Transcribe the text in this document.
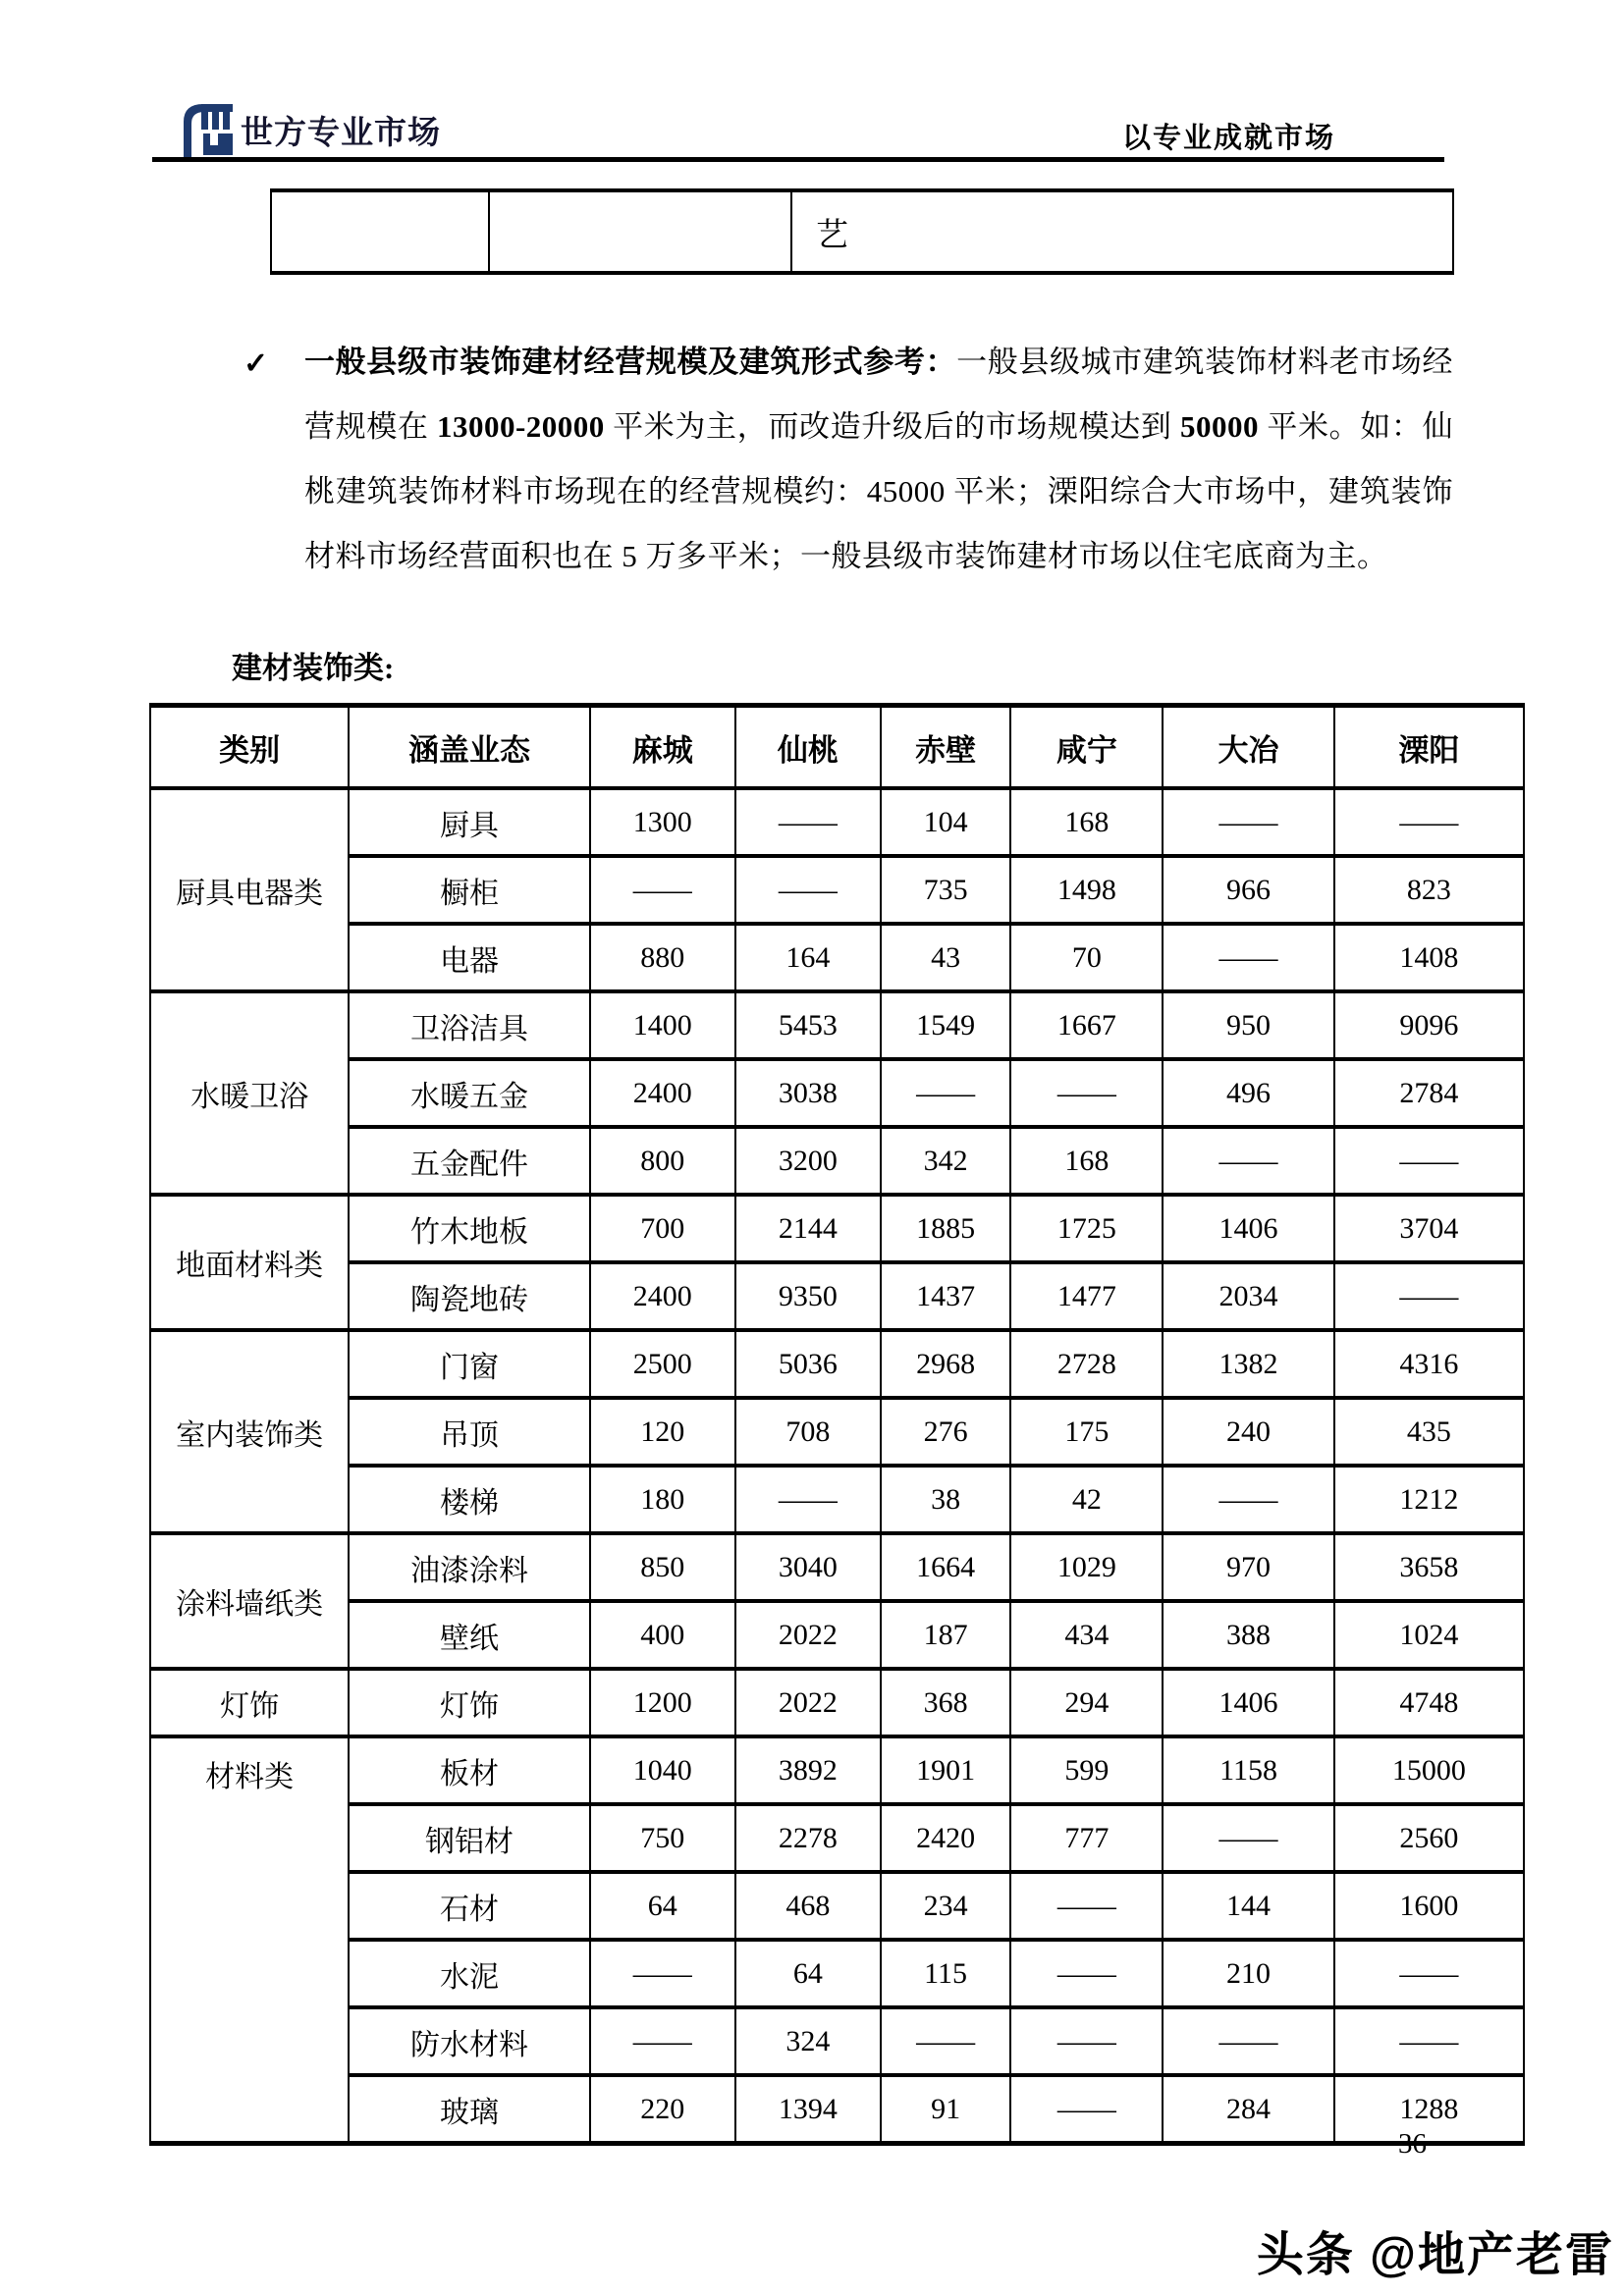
世方专业市场	以专业成就市场
		艺
✓ 一般县级市装饰建材经营规模及建筑形式参考：一般县级城市建筑装饰材料老市场经营规模在 13000-20000 平米为主，而改造升级后的市场规模达到 50000 平米。如：仙桃建筑装饰材料市场现在的经营规模约：45000 平米；溧阳综合大市场中，建筑装饰材料市场经营面积也在 5 万多平米；一般县级市装饰建材市场以住宅底商为主。
建材装饰类:
类别	涵盖业态	麻城	仙桃	赤壁	咸宁	大冶	溧阳
厨具电器类	厨具	1300	——	104	168	——	——
	橱柜	——	——	735	1498	966	823
	电器	880	164	43	70	——	1408
水暖卫浴	卫浴洁具	1400	5453	1549	1667	950	9096
	水暖五金	2400	3038	——	——	496	2784
	五金配件	800	3200	342	168	——	——
地面材料类	竹木地板	700	2144	1885	1725	1406	3704
	陶瓷地砖	2400	9350	1437	1477	2034	——
室内装饰类	门窗	2500	5036	2968	2728	1382	4316
	吊顶	120	708	276	175	240	435
	楼梯	180	——	38	42	——	1212
涂料墙纸类	油漆涂料	850	3040	1664	1029	970	3658
	壁纸	400	2022	187	434	388	1024
灯饰	灯饰	1200	2022	368	294	1406	4748
材料类	板材	1040	3892	1901	599	1158	15000
	钢铝材	750	2278	2420	777	——	2560
	石材	64	468	234	——	144	1600
	水泥	——	64	115	——	210	——
	防水材料	——	324	——	——	——	——
	玻璃	220	1394	91	——	284	1288
36
头条 @地产老雷
